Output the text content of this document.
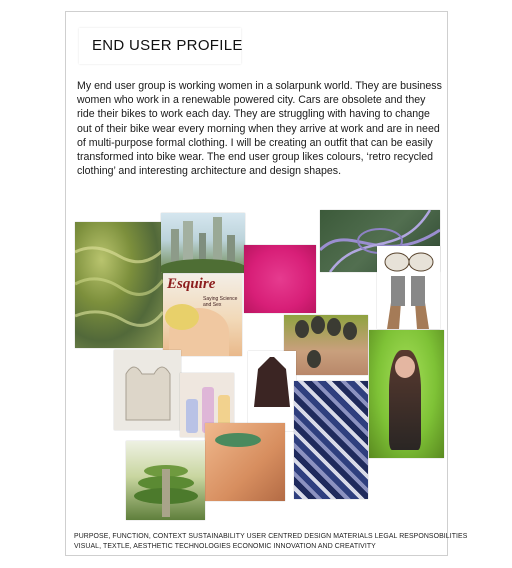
END USER PROFILE
My end user group is working women in a solarpunk world. They are business women who work in a renewable powered city. Cars are obsolete and they ride their bikes to work each day. They are struggling with having to change out of their bike wear every morning when they arrive at work and are in need of multi-purpose formal clothing. I will be creating an outfit that can be easily transformed into bike wear. The end user group likes colours, ‘retro recycled clothing’ and interesting architecture and design shapes.
Esquire
Saying Science and Sex
PURPOSE, FUNCTION, CONTEXT SUSTAINABILITY USER CENTRED DESIGN MATERIALS LEGAL RESPONSOBILITIES
VISUAL, TEXTLE, AESTHETIC TECHNOLOGIES ECONOMIC INNOVATION AND CREATIVITY
